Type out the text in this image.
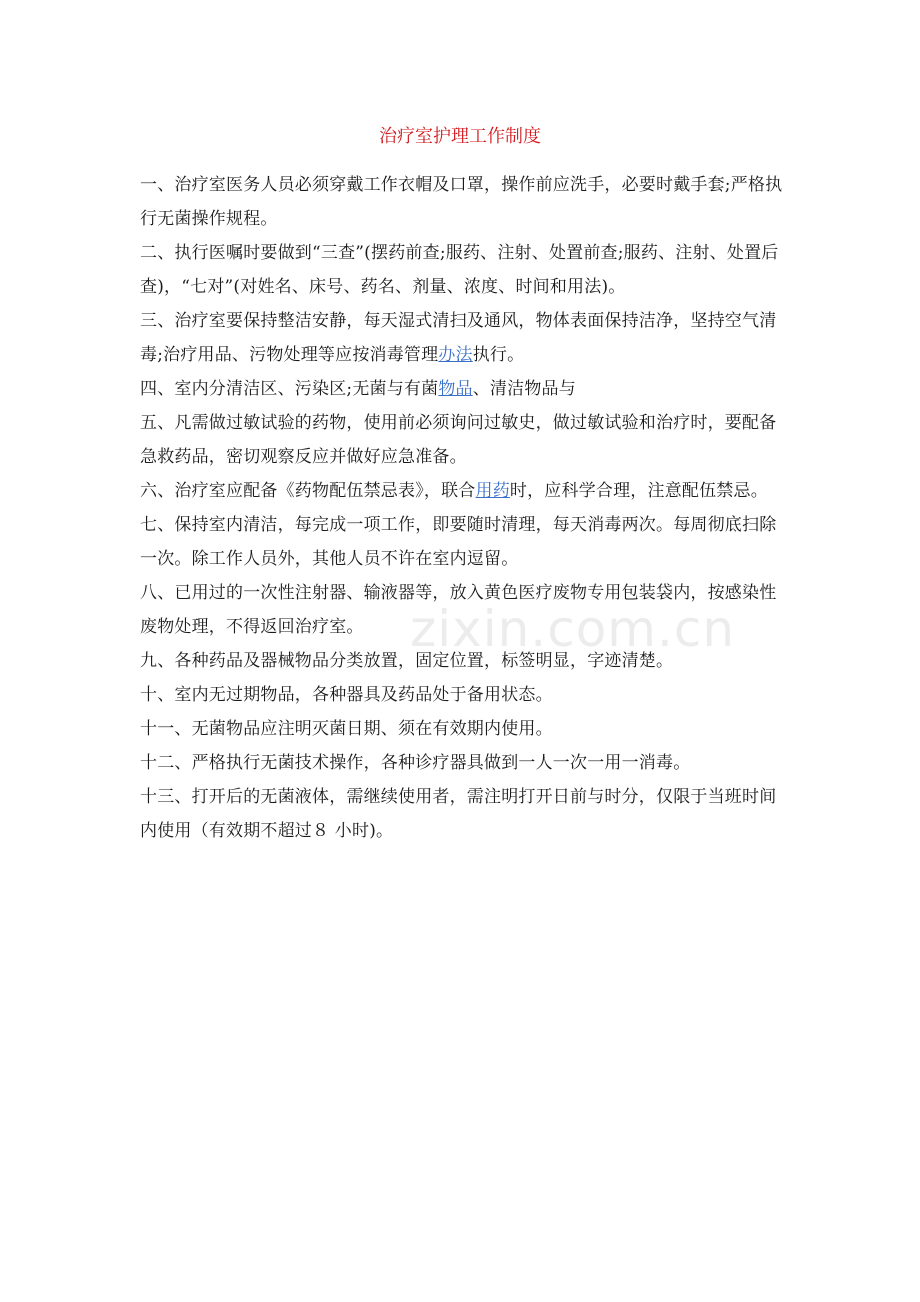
治疗室护理工作制度

一、治疗室医务人员必须穿戴工作衣帽及口罩，操作前应洗手，必要时戴手套;严格执行无菌操作规程。

二、执行医嘱时要做到“三查”(摆药前查;服药、注射、处置前查;服药、注射、处置后查)，“七对”(对姓名、床号、药名、剂量、浓度、时间和用法)。

三、治疗室要保持整洁安静，每天湿式清扫及通风，物体表面保持洁净，坚持空气清毒;治疗用品、污物处理等应按消毒管理办法执行。

四、室内分清洁区、污染区;无菌与有菌物品、清洁物品与

五、凡需做过敏试验的药物，使用前必须询问过敏史，做过敏试验和治疗时，要配备急救药品，密切观察反应并做好应急准备。

六、治疗室应配备《药物配伍禁忌表》，联合用药时，应科学合理，注意配伍禁忌。

七、保持室内清洁，每完成一项工作，即要随时清理，每天消毒两次。每周彻底扫除一次。除工作人员外，其他人员不许在室内逗留。

八、已用过的一次性注射器、输液器等，放入黄色医疗废物专用包装袋内，按感染性废物处理，不得返回治疗室。

九、各种药品及器械物品分类放置，固定位置，标签明显，字迹清楚。

十、室内无过期物品，各种器具及药品处于备用状态。

十一、无菌物品应注明灭菌日期、须在有效期内使用。

十二、严格执行无菌技术操作，各种诊疗器具做到一人一次一用一消毒。

十三、打开后的无菌液体，需继续使用者，需注明打开日前与时分，仅限于当班时间内使用（有效期不超过８ 小时)。

zixin.com.cn
